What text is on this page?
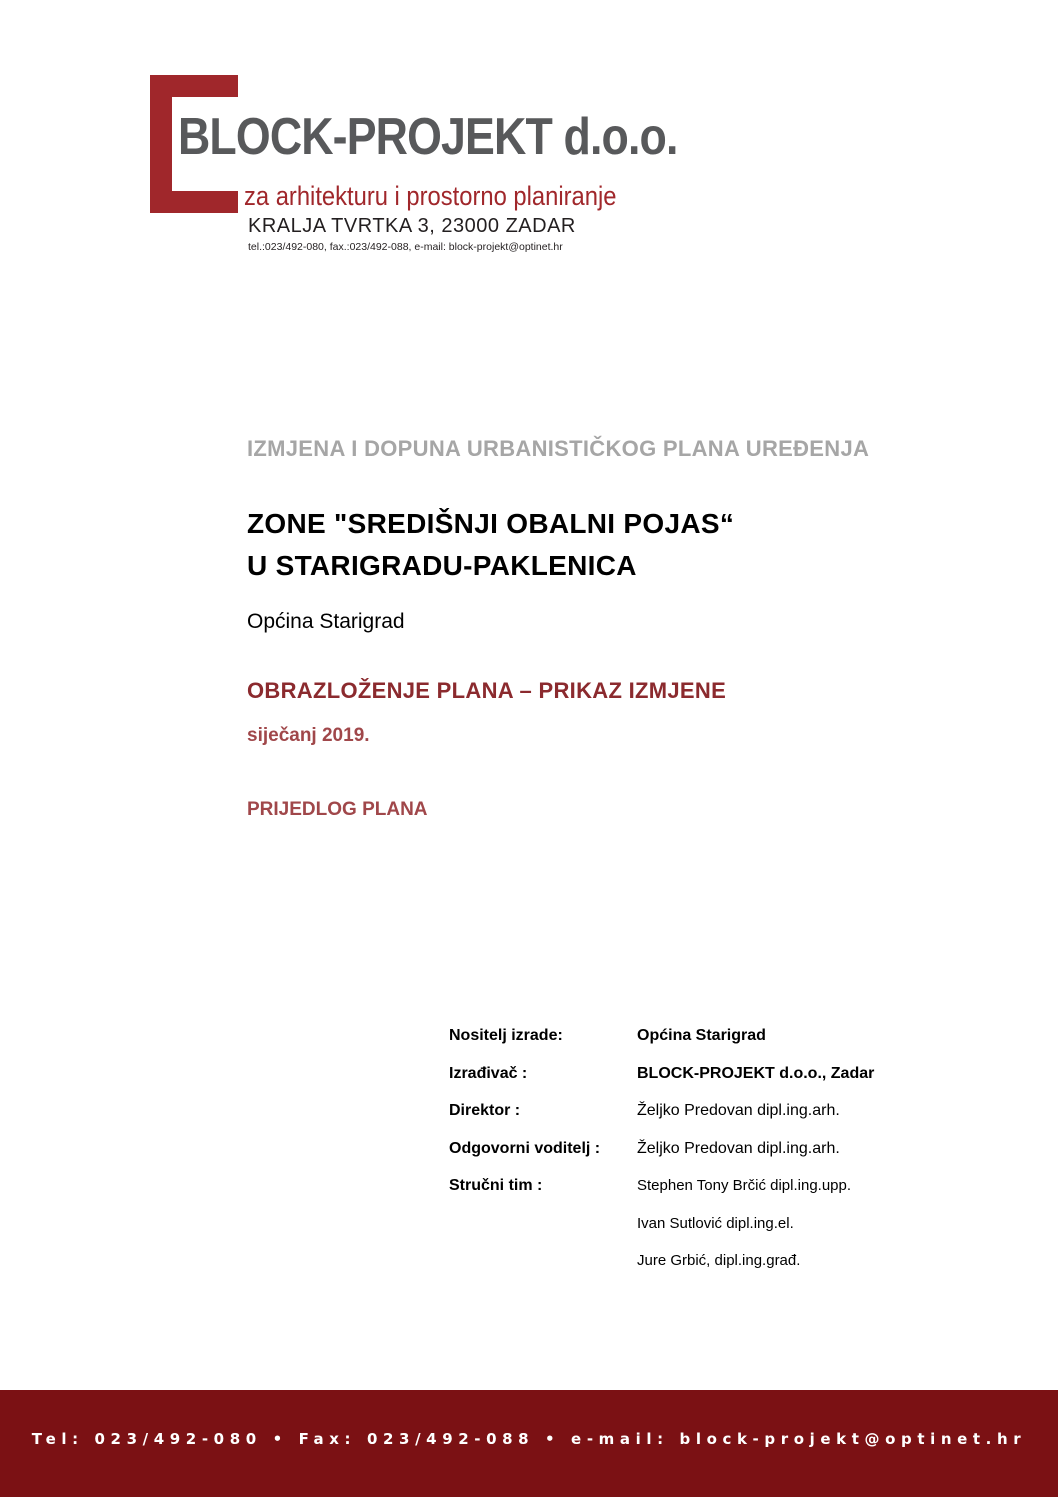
BLOCK-PROJEKT d.o.o.
za arhitekturu i prostorno planiranje
KRALJA TVRTKA 3, 23000 ZADAR
tel.:023/492-080, fax.:023/492-088, e-mail: block-projekt@optinet.hr
IZMJENA I DOPUNA URBANISTIČKOG PLANA UREĐENJA
ZONE "SREDIŠNJI OBALNI POJAS“
U STARIGRADU-PAKLENICA
Općina Starigrad
OBRAZLOŽENJE PLANA – PRIKAZ IZMJENE
siječanj 2019.
PRIJEDLOG PLANA
Nositelj izrade:	Općina Starigrad
Izrađivač :	BLOCK-PROJEKT d.o.o., Zadar
Direktor :	Željko Predovan dipl.ing.arh.
Odgovorni voditelj : Željko Predovan dipl.ing.arh.
Stručni tim :	Stephen Tony Brčić dipl.ing.upp.
Ivan Sutlović dipl.ing.el.
Jure Grbić, dipl.ing.građ.
Tel: 023/492-080 • Fax: 023/492-088 • e-mail: block-projekt@optinet.hr
